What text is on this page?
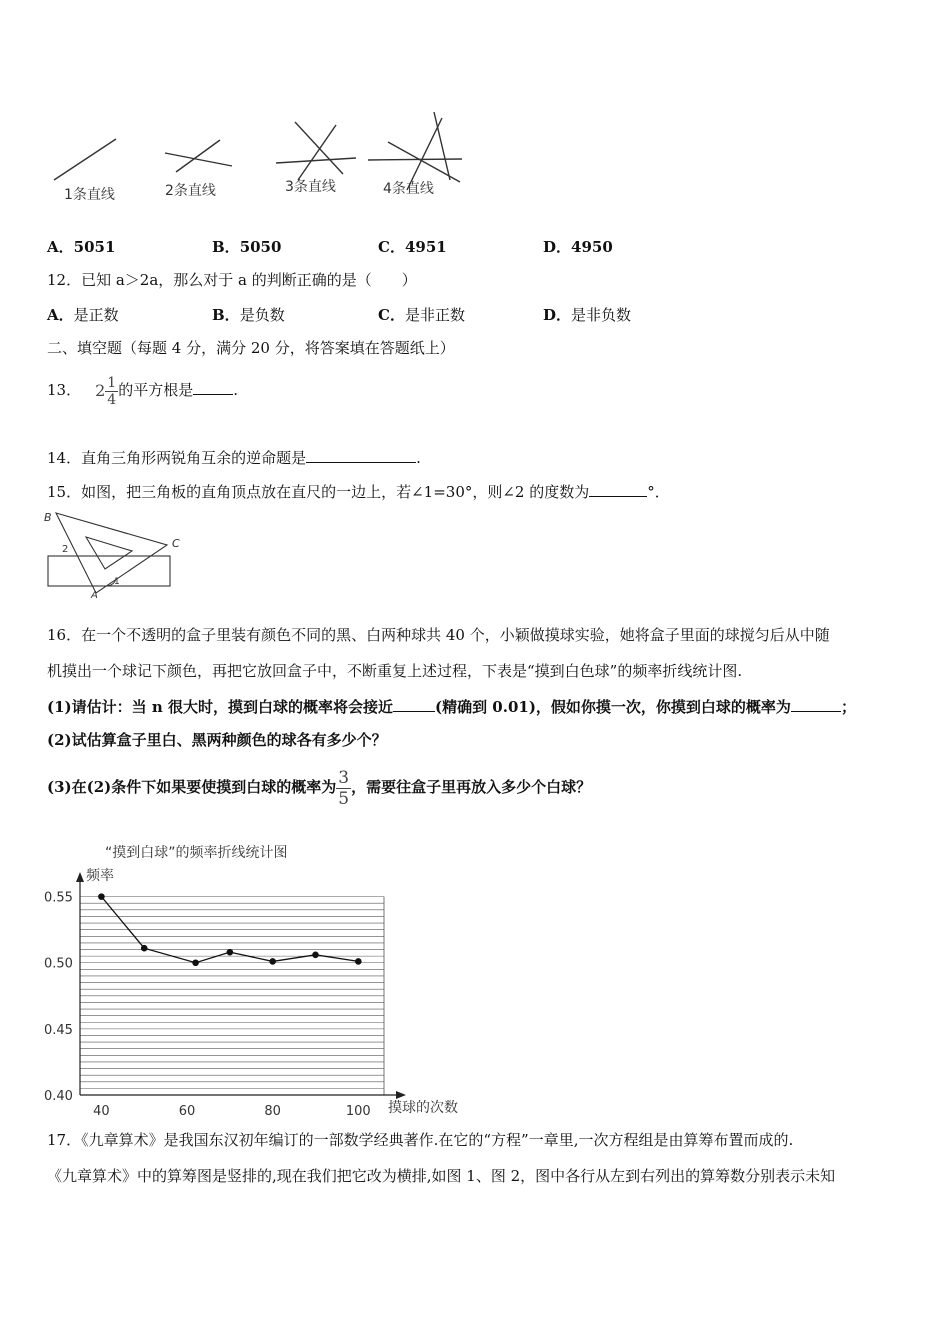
1条直线	2条直线	3条直线	4条直线
A．5051	B．5050	C．4951	D．4950
12．已知 a＞2a，那么对于 a 的判断正确的是（　　）
A．是正数	B．是负数	C．是非正数	D．是非负数
二、填空题（每题 4 分，满分 20 分，将答案填在答题纸上）
13． $2 \frac{1}{4}$ 的平方根是	.
14．直角三角形两锐角互余的逆命题是	.
15．如图，把三角板的直角顶点放在直尺的一边上，若∠1=30°，则∠2 的度数为	°．
B
C
A
1
2
16．在一个不透明的盒子里装有颜色不同的黑、白两种球共 40 个，小颖做摸球实验，她将盒子里面的球搅匀后从中随
机摸出一个球记下颜色，再把它放回盒子中，不断重复上述过程，下表是“摸到白色球”的频率折线统计图.
(1)请估计：当 n 很大时，摸到白球的概率将会接近	(精确到 0.01)，假如你摸一次，你摸到白球的概率为	；
(2)试估算盒子里白、黑两种颜色的球各有多少个？
(3)在(2)条件下如果要使摸到白球的概率为 $\frac{3}{5}$ ，需要往盒子里再放入多少个白球？
“摸到白球”的频率折线统计图
频率
摸球的次数
0.55
0.50
0.45
0.40
40	60	80	100
17．《九章算术》是我国东汉初年编订的一部数学经典著作.在它的“方程”一章里,一次方程组是由算筹布置而成的.
《九章算术》中的算筹图是竖排的,现在我们把它改为横排,如图 1、图 2，图中各行从左到右列出的算筹数分别表示未知
